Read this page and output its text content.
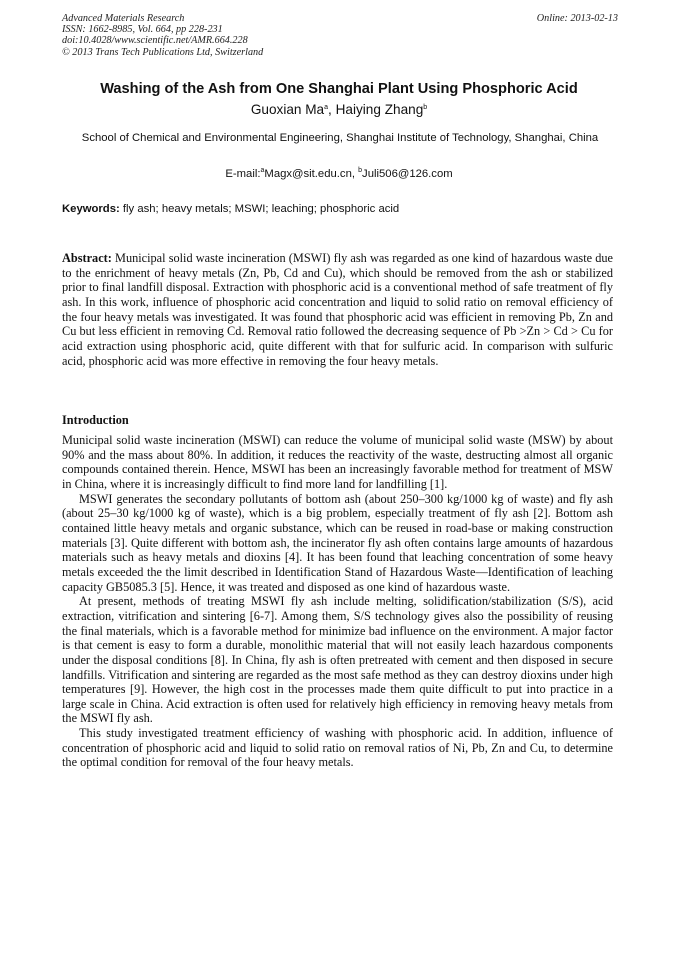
Advanced Materials Research
ISSN: 1662-8985, Vol. 664, pp 228-231
doi:10.4028/www.scientific.net/AMR.664.228
© 2013 Trans Tech Publications Ltd, Switzerland
Online: 2013-02-13
Washing of the Ash from One Shanghai Plant Using Phosphoric Acid
Guoxian Ma$^a$, Haiying Zhang$^b$
School of Chemical and Environmental Engineering, Shanghai Institute of Technology, Shanghai, China
E-mail:$^a$Magx@sit.edu.cn, $^b$Juli506@126.com
Keywords: fly ash; heavy metals; MSWI; leaching; phosphoric acid

Abstract: Municipal solid waste incineration (MSWI) fly ash was regarded as one kind of hazardous waste due to the enrichment of heavy metals (Zn, Pb, Cd and Cu), which should be removed from the ash or stabilized prior to final landfill disposal. Extraction with phosphoric acid is a conventional method of safe treatment of fly ash. In this work, influence of phosphoric acid concentration and liquid to solid ratio on removal efficiency of the four heavy metals was investigated. It was found that phosphoric acid was efficient in removing Pb, Zn and Cu but less efficient in removing Cd. Removal ratio followed the decreasing sequence of Pb >Zn > Cd > Cu for acid extraction using phosphoric acid, quite different with that for sulfuric acid. In comparison with sulfuric acid, phosphoric acid was more effective in removing the four heavy metals.

Introduction

Municipal solid waste incineration (MSWI) can reduce the volume of municipal solid waste (MSW) by about 90% and the mass about 80%. In addition, it reduces the reactivity of the waste, destructing almost all organic compounds contained therein. Hence, MSWI has been an increasingly favorable method for treatment of MSW in China, where it is increasingly difficult to find more land for landfilling [1].

MSWI generates the secondary pollutants of bottom ash (about 250–300 kg/1000 kg of waste) and fly ash (about 25–30 kg/1000 kg of waste), which is a big problem, especially treatment of fly ash [2]. Bottom ash contained little heavy metals and organic substance, which can be reused in road-base or making construction materials [3]. Quite different with bottom ash, the incinerator fly ash often contains large amounts of hazardous materials such as heavy metals and dioxins [4]. It has been found that leaching concentration of some heavy metals exceeded the the limit described in Identification Stand of Hazardous Waste—Identification of leaching capacity GB5085.3 [5]. Hence, it was treated and disposed as one kind of hazardous waste.

At present, methods of treating MSWI fly ash include melting, solidification/stabilization (S/S), acid extraction, vitrification and sintering [6-7]. Among them, S/S technology gives also the possibility of reusing the final materials, which is a favorable method for minimize bad influence on the environment. A major factor is that cement is easy to form a durable, monolithic material that will not easily leach hazardous components under the disposal conditions [8]. In China, fly ash is often pretreated with cement and then disposed in secure landfills. Vitrification and sintering are regarded as the most safe method as they can destroy dioxins under high temperatures [9]. However, the high cost in the processes made them quite difficult to put into practice in a large scale in China. Acid extraction is often used for relatively high efficiency in removing heavy metals from the MSWI fly ash.

This study investigated treatment efficiency of washing with phosphoric acid. In addition, influence of concentration of phosphoric acid and liquid to solid ratio on removal ratios of Ni, Pb, Zn and Cu, to determine the optimal condition for removal of the four heavy metals.
